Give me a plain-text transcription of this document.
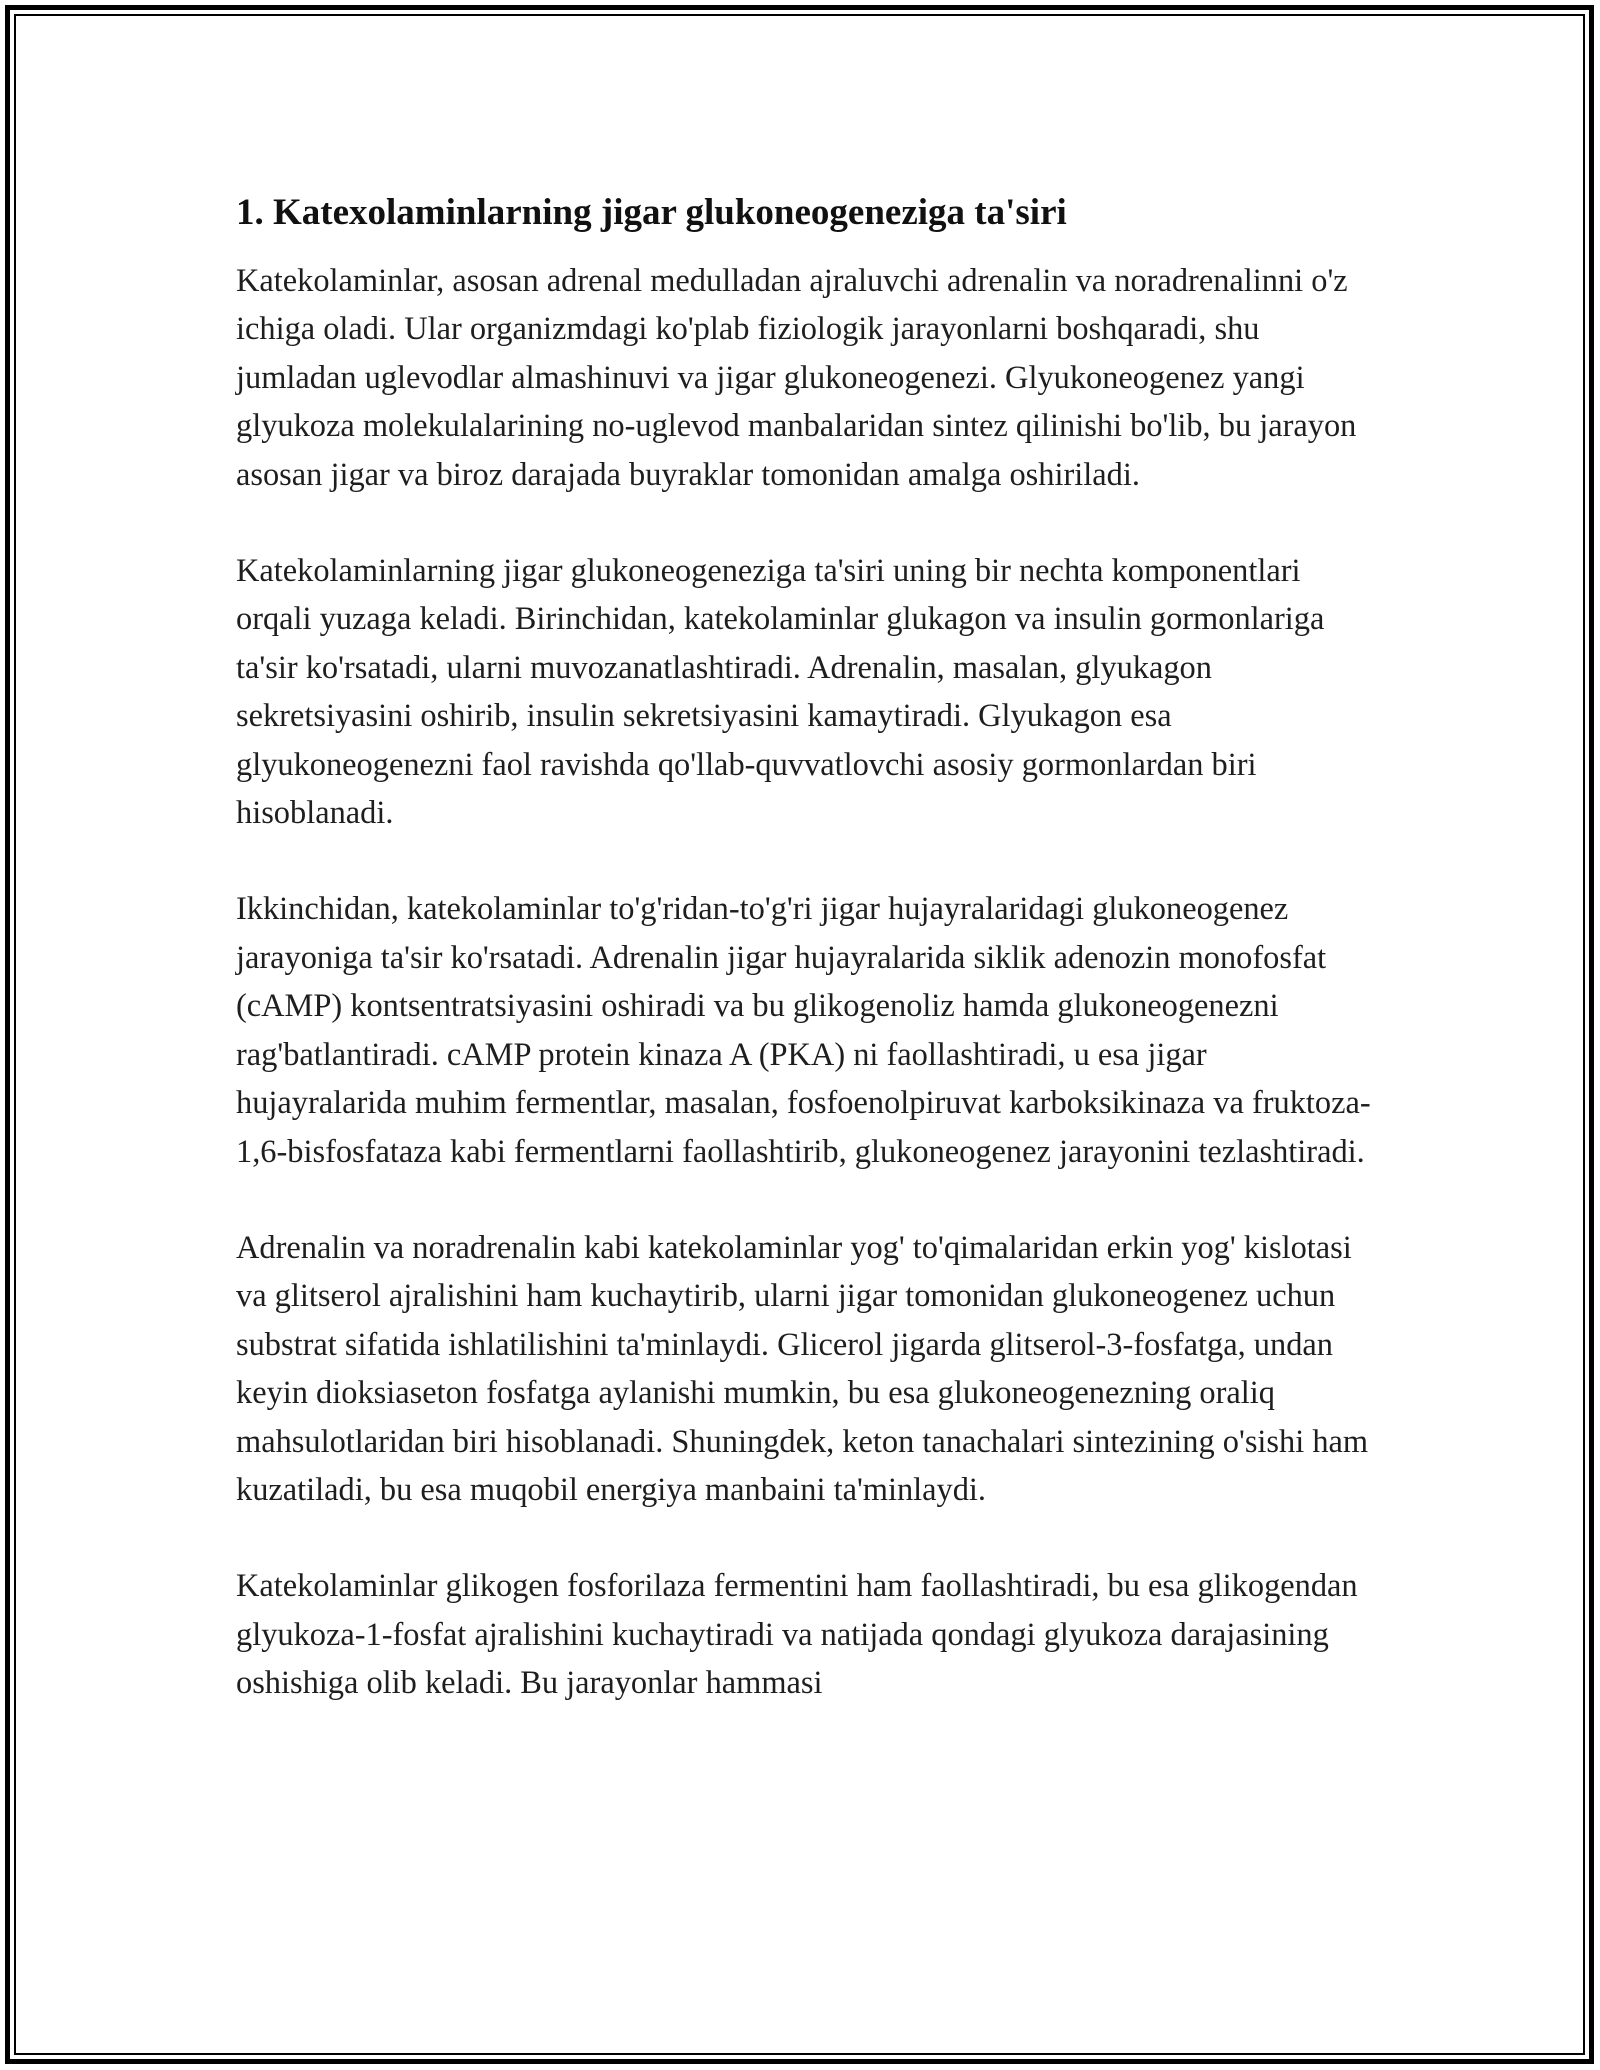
1. Katexolaminlarning jigar glukoneogeneziga ta'siri

Katekolaminlar, asosan adrenal medulladan ajraluvchi adrenalin va noradrenalinni o'z ichiga oladi. Ular organizmdagi ko'plab fiziologik jarayonlarni boshqaradi, shu jumladan uglevodlar almashinuvi va jigar glukoneogenezi. Glyukoneogenez yangi glyukoza molekulalarining no-uglevod manbalaridan sintez qilinishi bo'lib, bu jarayon asosan jigar va biroz darajada buyraklar tomonidan amalga oshiriladi.

Katekolaminlarning jigar glukoneogeneziga ta'siri uning bir nechta komponentlari orqali yuzaga keladi. Birinchidan, katekolaminlar glukagon va insulin gormonlariga ta'sir ko'rsatadi, ularni muvozanatlashtiradi. Adrenalin, masalan, glyukagon sekretsiyasini oshirib, insulin sekretsiyasini kamaytiradi. Glyukagon esa glyukoneogenezni faol ravishda qo'llab-quvvatlovchi asosiy gormonlardan biri hisoblanadi.

Ikkinchidan, katekolaminlar to'g'ridan-to'g'ri jigar hujayralaridagi glukoneogenez jarayoniga ta'sir ko'rsatadi. Adrenalin jigar hujayralarida siklik adenozin monofosfat (cAMP) kontsentratsiyasini oshiradi va bu glikogenoliz hamda glukoneogenezni rag'batlantiradi. cAMP protein kinaza A (PKA) ni faollashtiradi, u esa jigar hujayralarida muhim fermentlar, masalan, fosfoenolpiruvat karboksikinaza va fruktoza-1,6-bisfosfataza kabi fermentlarni faollashtirib, glukoneogenez jarayonini tezlashtiradi.

Adrenalin va noradrenalin kabi katekolaminlar yog' to'qimalaridan erkin yog' kislotasi va glitserol ajralishini ham kuchaytirib, ularni jigar tomonidan glukoneogenez uchun substrat sifatida ishlatilishini ta'minlaydi. Glicerol jigarda glitserol-3-fosfatga, undan keyin dioksiaseton fosfatga aylanishi mumkin, bu esa glukoneogenezning oraliq mahsulotlaridan biri hisoblanadi. Shuningdek, keton tanachalari sintezining o'sishi ham kuzatiladi, bu esa muqobil energiya manbaini ta'minlaydi.

Katekolaminlar glikogen fosforilaza fermentini ham faollashtiradi, bu esa glikogendan glyukoza-1-fosfat ajralishini kuchaytiradi va natijada qondagi glyukoza darajasining oshishiga olib keladi. Bu jarayonlar hammasi
